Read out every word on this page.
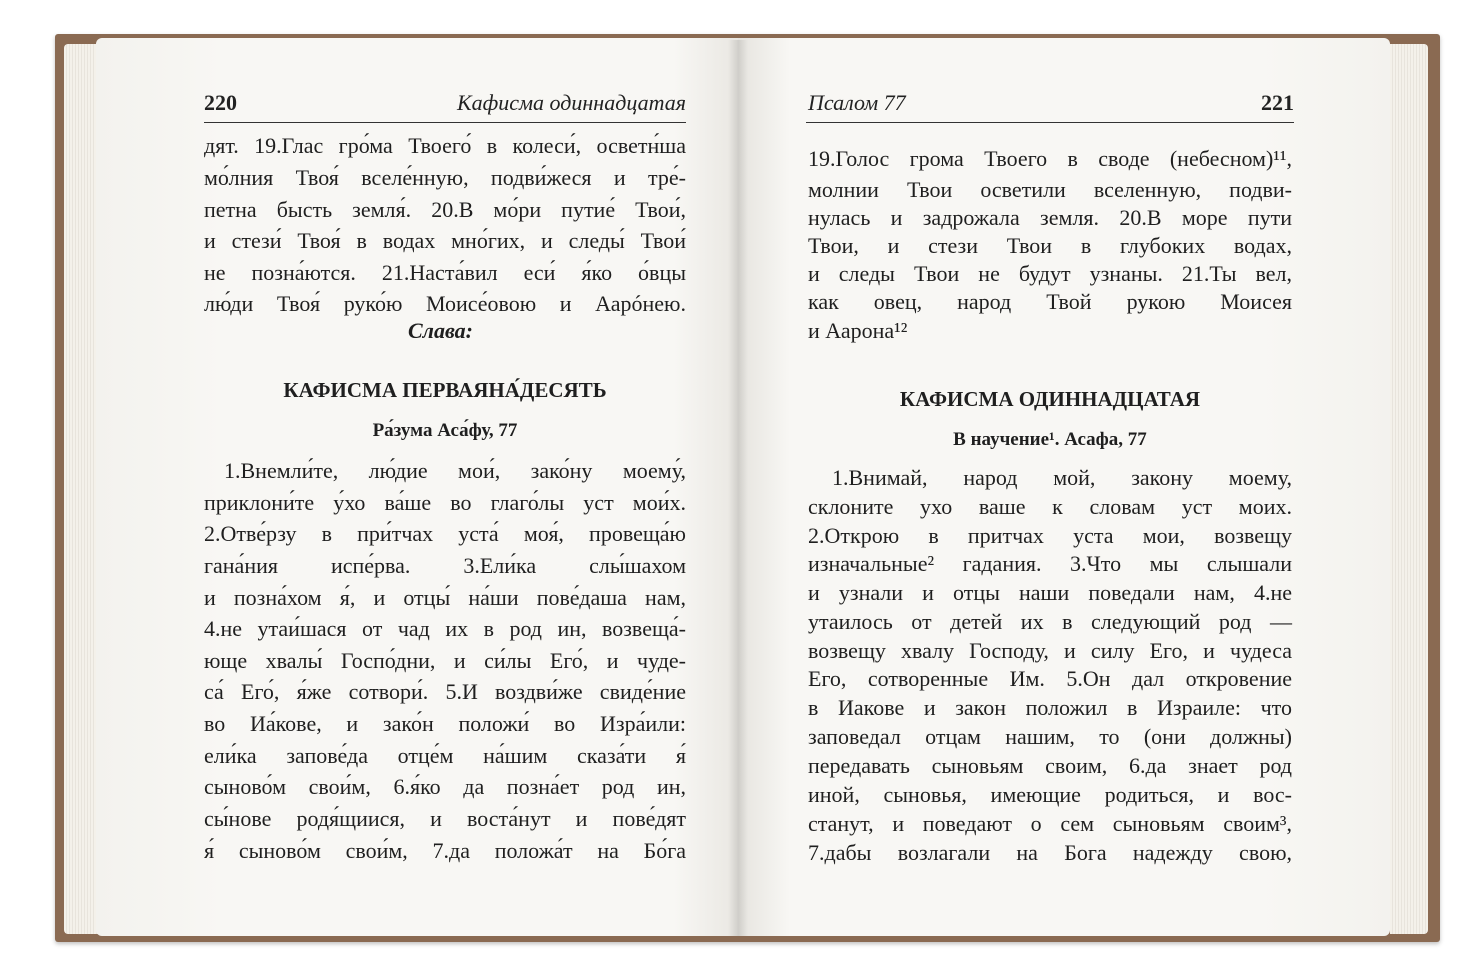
220	Кафисма одиннадцатая	Псалом 77	221
дят. 19.Глас гро́ма Твоего́ в колеси́, осветн́ша
мо́лния Твоя́ вселе́нную, подви́жеся и тре́-
петна бысть земля́. 20.В мо́ри путие́ Твои́,
и стези́ Твоя́ в водах мно́гих, и следы́ Твои́
не позна́ются. 21.Наста́вил еси́ я́ко о́вцы
лю́ди Твоя́ руко́ю Моисе́овою и Аарóнею.
Слава:
КАФИСМА ПЕРВАЯНА́ДЕСЯТЬ
Ра́зума Аса́фу, 77
1.Внемли́те, лю́дие мои́, зако́ну моему́,
приклони́те у́хо ва́ше во глаго́лы уст мои́х.
2.Отве́рзу в при́тчах уста́ моя́, провеща́ю
гана́ния испе́рва. 3.Ели́ка слы́шахом
и позна́хом я́, и отцы́ на́ши пове́даша нам,
4.не утаи́шася от чад их в род ин, возвеща́-
юще хвалы́ Госпо́дни, и си́лы Его́, и чуде-
са́ Его́, я́же сотвори́. 5.И воздви́же свиде́ние
во Иа́кове, и зако́н положи́ во Изра́или:
ели́ка запове́да отце́м на́шим сказа́ти я́
сыново́м свои́м, 6.я́ко да позна́ет род ин,
сы́нове родя́щиися, и воста́нут и пове́дят
я́ сыново́м свои́м, 7.да положа́т на Бо́га
19.Голос грома Твоего в своде (небесном)¹¹,
молнии Твои осветили вселенную, подви-
нулась и задрожала земля. 20.В море пути
Твои, и стези Твои в глубоких водах,
и следы Твои не будут узнаны. 21.Ты вел,
как овец, народ Твой рукою Моисея
и Аарона¹²
КАФИСМА ОДИННАДЦАТАЯ
В научение¹. Асафа, 77
1.Внимай, народ мой, закону моему,
склоните ухо ваше к словам уст моих.
2.Открою в притчах уста мои, возвещу
изначальные² гадания. 3.Что мы слышали
и узнали и отцы наши поведали нам, 4.не
утаилось от детей их в следующий род —
возвещу хвалу Господу, и силу Его, и чудеса
Его, сотворенные Им. 5.Он дал откровение
в Иакове и закон положил в Израиле: что
заповедал отцам нашим, то (они должны)
передавать сыновьям своим, 6.да знает род
иной, сыновья, имеющие родиться, и вос-
станут, и поведают о сем сыновьям своим³,
7.дабы возлагали на Бога надежду свою,
